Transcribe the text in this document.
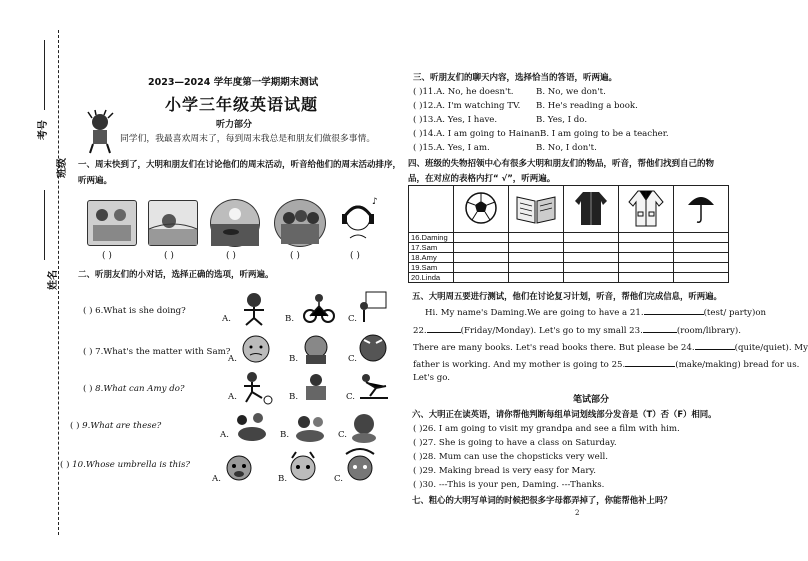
考号
班级
姓名
2023—2024 学年度第一学期期末测试
小学三年级英语试题
听力部分
同学们，我最喜欢周末了，每到周末我总是和朋友们做很多事情。
一、周末快到了，大明和朋友们在讨论他们的周末活动，听音给他们的周末活动排序，
听两遍。
♪
( )	( )	( )	( )	( )
二、听朋友们的小对话，选择正确的选项，听两遍。
( ) 6.What is she doing?
( ) 7.What's the matter with Sam?
( ) 8.What can Amy do?
( ) 9.What are these?
( ) 10.Whose umbrella is this?
A.	B.	C.
A.	B.	C.
A.	B.	C.
A.	B.	C.
A.	B.	C.
三、听朋友们的聊天内容，选择恰当的答语，听两遍。
( )11.A. No, he doesn't.	B. No, we don't.
( )12.A. I'm watching TV. B. He's reading a book.
( )13.A. Yes, I have.	B. Yes, I do.
( )14.A. I am going to Hainan.
B. I am going to be a teacher.
( )15.A. Yes, I am.	B. No, I don't.
四、班级的失物招领中心有很多大明和朋友们的物品，听音，帮他们找到自己的物
品，在对应的表格内打“ √”，听两遍。

16.Daming					
17.Sam					
18.Amy					
19.Sam					
20.Linda					
五、大明周五要进行测试，他们在讨论复习计划，听音，帮他们完成信息，听两遍。
Hi. My name's Daming.We are going to have a 21.	(test/ party)on
22.	(Friday/Monday). Let's go to my small 23.	(room/library).
There are many books. Let's read books there. But please be 24.	(quite/quiet). My
father is working. And my mother is going to 25.	(make/making) bread for us.
Let's go.
笔试部分
六、大明正在读英语，请你帮他判断每组单词划线部分发音是（T）否（F）相同。
( )26. I am going to visit my grandpa and see a film with him.
( )27. She is going to have a class on Saturday.
( )28. Mum can use the chopsticks very well.
( )29. Making bread is very easy for Mary.
( )30. ---This is your pen, Daming. ---Thanks.
七、粗心的大明写单词的时候把很多字母都弄掉了，你能帮他补上吗？
2
